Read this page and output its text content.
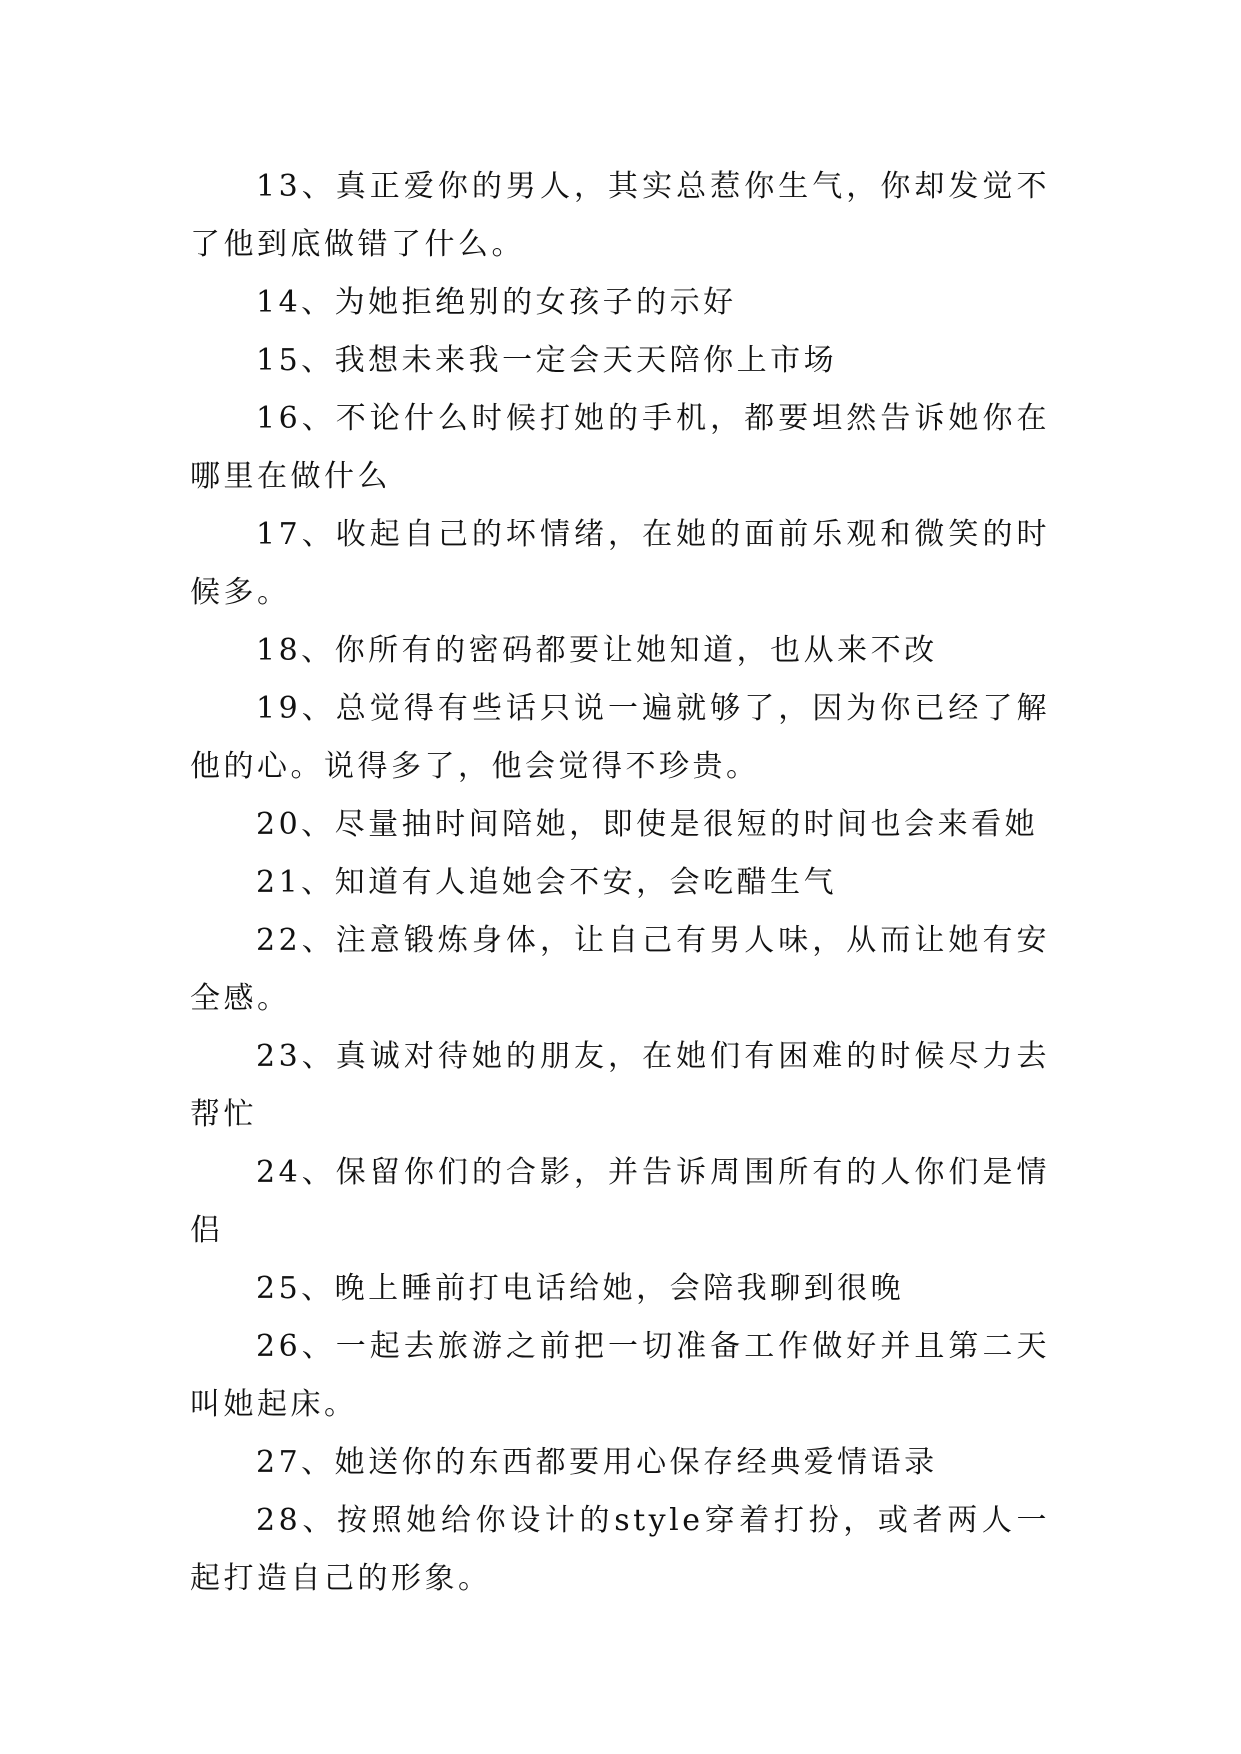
13、真正爱你的男人，其实总惹你生气，你却发觉不了他到底做错了什么。

14、为她拒绝别的女孩子的示好

15、我想未来我一定会天天陪你上市场

16、不论什么时候打她的手机，都要坦然告诉她你在哪里在做什么

17、收起自己的坏情绪，在她的面前乐观和微笑的时候多。

18、你所有的密码都要让她知道，也从来不改

19、总觉得有些话只说一遍就够了，因为你已经了解他的心。说得多了，他会觉得不珍贵。

20、尽量抽时间陪她，即使是很短的时间也会来看她

21、知道有人追她会不安，会吃醋生气

22、注意锻炼身体，让自己有男人味，从而让她有安全感。

23、真诚对待她的朋友，在她们有困难的时候尽力去帮忙

24、保留你们的合影，并告诉周围所有的人你们是情侣

25、晚上睡前打电话给她，会陪我聊到很晚

26、一起去旅游之前把一切准备工作做好并且第二天叫她起床。

27、她送你的东西都要用心保存经典爱情语录

28、按照她给你设计的style穿着打扮，或者两人一起打造自己的形象。
